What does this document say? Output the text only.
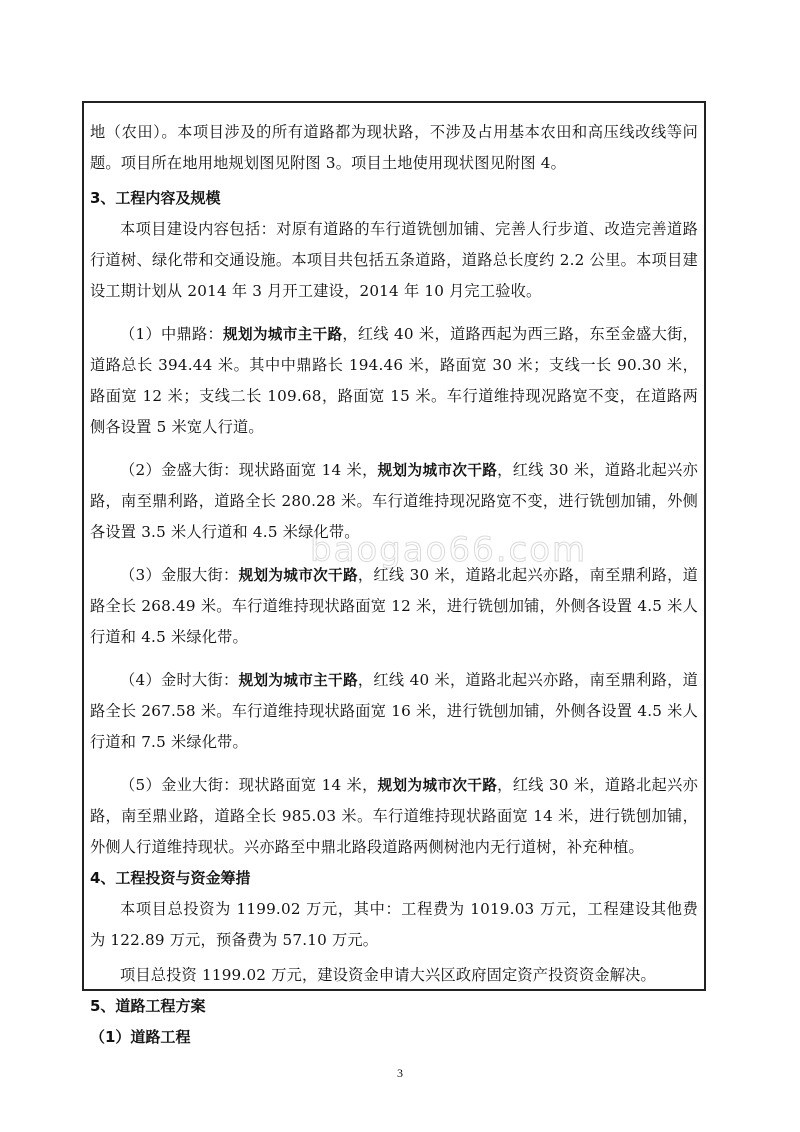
地（农田）。本项目涉及的所有道路都为现状路，不涉及占用基本农田和高压线改线等问题。项目所在地用地规划图见附图 3。项目土地使用现状图见附图 4。

3、工程内容及规模

本项目建设内容包括：对原有道路的车行道铣刨加铺、完善人行步道、改造完善道路行道树、绿化带和交通设施。本项目共包括五条道路，道路总长度约 2.2 公里。本项目建设工期计划从 2014 年 3 月开工建设，2014 年 10 月完工验收。

（1）中鼎路：规划为城市主干路，红线 40 米，道路西起为西三路，东至金盛大街，道路总长 394.44 米。其中中鼎路长 194.46 米，路面宽 30 米；支线一长 90.30 米，路面宽 12 米；支线二长 109.68，路面宽 15 米。车行道维持现况路宽不变，在道路两侧各设置 5 米宽人行道。

（2）金盛大街：现状路面宽 14 米，规划为城市次干路，红线 30 米，道路北起兴亦路，南至鼎利路，道路全长 280.28 米。车行道维持现况路宽不变，进行铣刨加铺，外侧各设置 3.5 米人行道和 4.5 米绿化带。

（3）金服大街：规划为城市次干路，红线 30 米，道路北起兴亦路，南至鼎利路，道路全长 268.49 米。车行道维持现状路面宽 12 米，进行铣刨加铺，外侧各设置 4.5 米人行道和 4.5 米绿化带。

（4）金时大街：规划为城市主干路，红线 40 米，道路北起兴亦路，南至鼎利路，道路全长 267.58 米。车行道维持现状路面宽 16 米，进行铣刨加铺，外侧各设置 4.5 米人行道和 7.5 米绿化带。

（5）金业大街：现状路面宽 14 米，规划为城市次干路，红线 30 米，道路北起兴亦路，南至鼎业路，道路全长 985.03 米。车行道维持现状路面宽 14 米，进行铣刨加铺，外侧人行道维持现状。兴亦路至中鼎北路段道路两侧树池内无行道树，补充种植。

4、工程投资与资金筹措

本项目总投资为 1199.02 万元，其中：工程费为 1019.03 万元，工程建设其他费为 122.89 万元，预备费为 57.10 万元。

项目总投资 1199.02 万元，建设资金申请大兴区政府固定资产投资资金解决。

5、道路工程方案

（1）道路工程

baogao66.com
3
